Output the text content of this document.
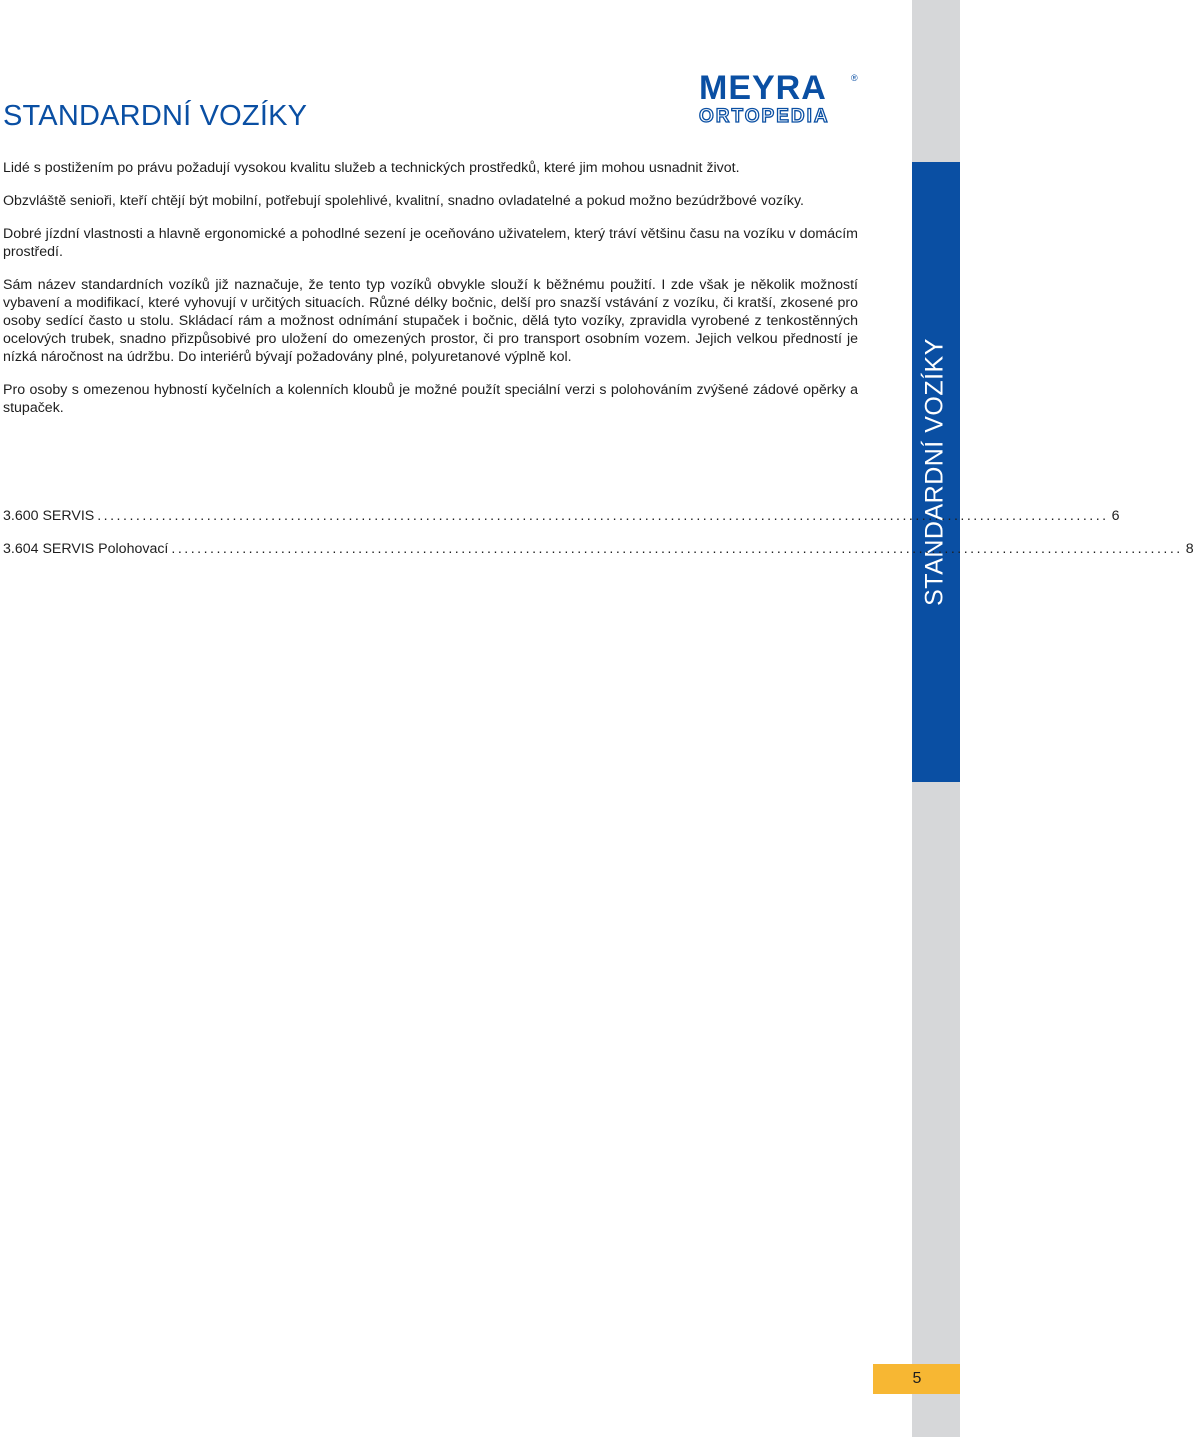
STANDARDNÍ VOZÍKY
STANDARDNÍ VOZÍKY
MEYRA	®
ORTOPEDIA

Lidé s postižením po právu požadují vysokou kvalitu služeb a technických prostředků, které jim mohou usnadnit život.

Obzvláště senioři, kteří chtějí být mobilní, potřebují spolehlivé, kvalitní, snadno ovladatelné a pokud možno bezúdržbové vozíky.

Dobré jízdní vlastnosti a hlavně ergonomické a pohodlné sezení je oceňováno uživatelem, který tráví většinu času na vozíku v domácím prostředí.

Sám název standardních vozíků již naznačuje, že tento typ vozíků obvykle slouží k běžnému použití. I zde však je několik možností vybavení a modifikací, které vyhovují v určitých situacích. Různé délky bočnic, delší pro snazší vstávání z vozíku, či kratší, zkosené pro osoby sedící často u stolu. Skládací rám a možnost odnímání stupaček i bočnic, dělá tyto vozíky, zpravidla vyrobené z tenkostěnných ocelových trubek, snadno přizpůsobivé pro uložení do omezených prostor, či pro transport osobním vozem. Jejich velkou předností je nízká náročnost na údržbu. Do interiérů bývají požadovány plné, polyuretanové výplně kol.

Pro osoby s omezenou hybností kyčelních a kolenních kloubů je možné použít speciální verzi s polohováním zvýšené zádové opěrky a stupaček.

3.600 SERVIS ............................................................................................................................................................. 6
3.604 SERVIS Polohovací ............................................................................................................................................................. 8
5
